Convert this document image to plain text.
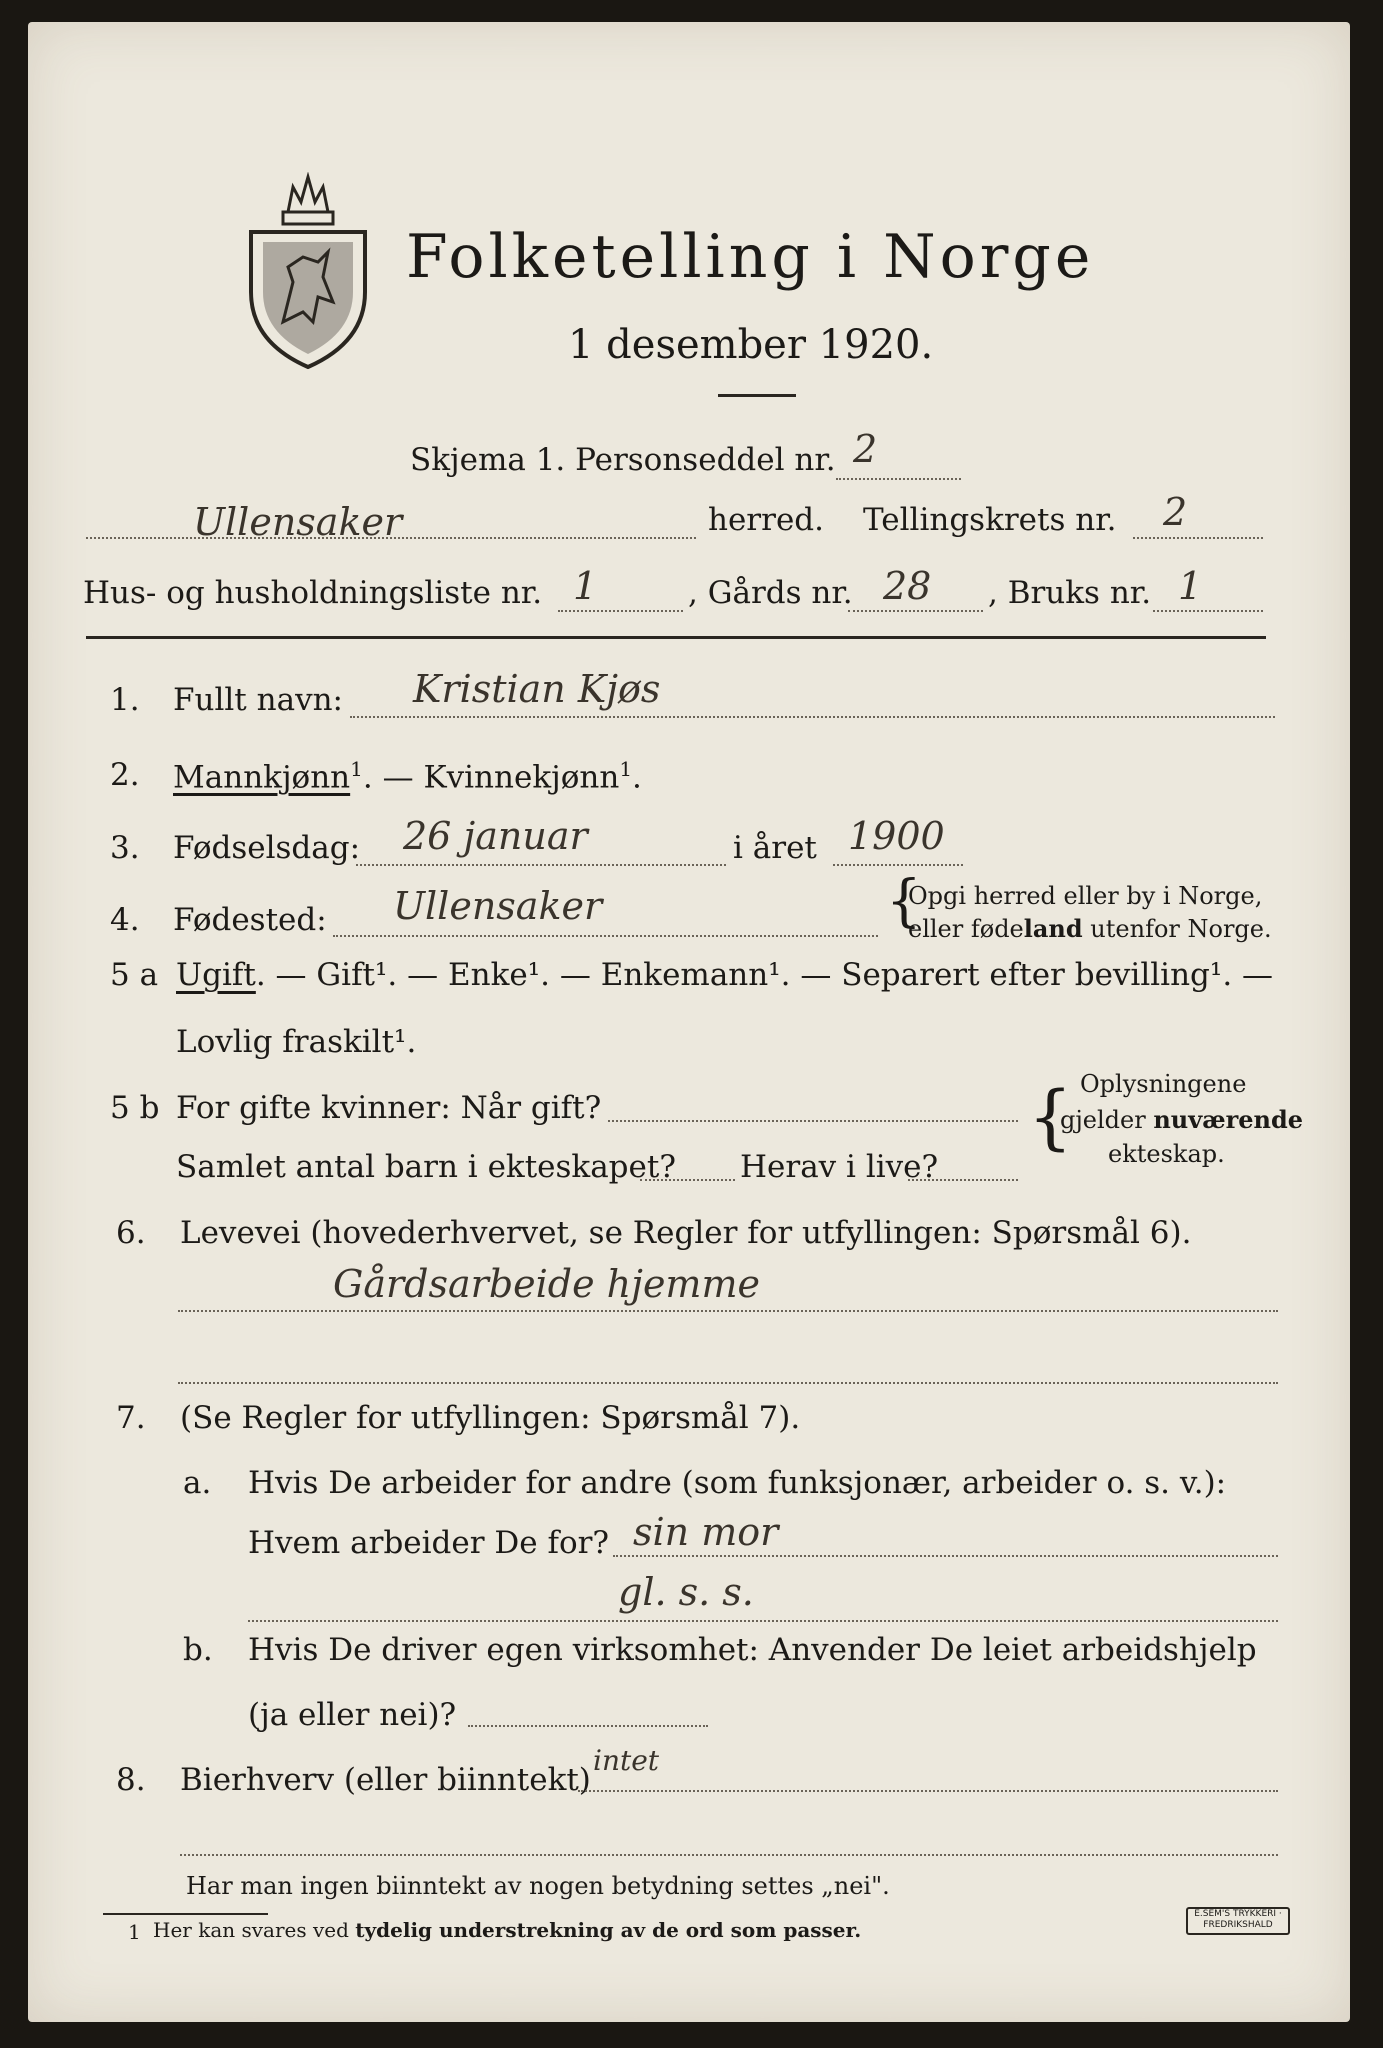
Folketelling i Norge
1 desember 1920.
Skjema 1. Personseddel nr. 2
Ullensaker	herred. Tellingskrets nr. 2
Hus- og husholdningsliste nr. 1	, Gårds nr. 28 , Bruks nr. 1
1. Fullt navn: Kristian Kjøs
2. Mannkjønn$^1$. — Kvinnekjønn$^1$.
3. Fødselsdag: 26 januar	i året 1900
4. Fødested: Ullensaker	{
Opgi herred eller by i Norge,
eller fødeland utenfor Norge.
5 a Ugift. — Gift¹. — Enke¹. — Enkemann¹. — Separert efter bevilling¹. —
Lovlig fraskilt¹.
5 b For gifte kvinner: Når gift?
Samlet antal barn i ekteskapet? Herav i live?
{ Oplysningene
gjelder nuværende
ekteskap.
6. Levevei (hovederhvervet, se Regler for utfyllingen: Spørsmål 6).
Gårdsarbeide hjemme
7. (Se Regler for utfyllingen: Spørsmål 7).
a. Hvis De arbeider for andre (som funksjonær, arbeider o. s. v.):
Hvem arbeider De for? sin mor
gl. s. s.
b. Hvis De driver egen virksomhet: Anvender De leiet arbeidshjelp
(ja eller nei)?
8. Bierhverv (eller biinntekt)
intet
Har man ingen biinntekt av nogen betydning settes „nei".
1 Her kan svares ved tydelig understrekning av de ord som passer.
E.SEM'S TRYKKERI · FREDRIKSHALD
